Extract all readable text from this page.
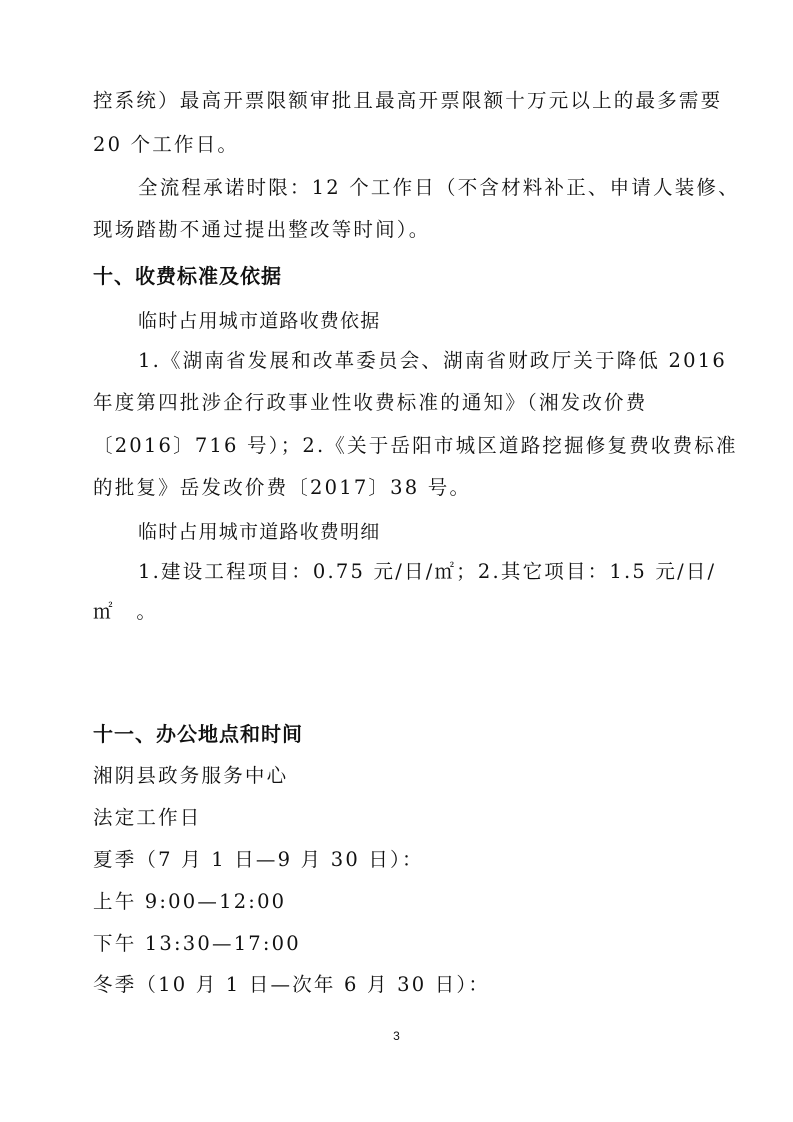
控系统）最高开票限额审批且最高开票限额十万元以上的最多需要
20 个工作日。
全流程承诺时限：12 个工作日（不含材料补正、申请人装修、
现场踏勘不通过提出整改等时间）。
十、收费标准及依据
临时占用城市道路收费依据
1.《湖南省发展和改革委员会、湖南省财政厅关于降低 2016
年度第四批涉企行政事业性收费标准的通知》（湘发改价费
〔2016〕716 号）；2.《关于岳阳市城区道路挖掘修复费收费标准
的批复》岳发改价费〔2017〕38 号。
临时占用城市道路收费明细
1.建设工程项目：0.75 元/日/㎡；2.其它项目：1.5 元/日/
㎡　。
十一、办公地点和时间
湘阴县政务服务中心
法定工作日
夏季（7 月 1 日—9 月 30 日）：
上午 9:00—12:00
下午 13:30—17:00
冬季（10 月 1 日—次年 6 月 30 日）：
3
